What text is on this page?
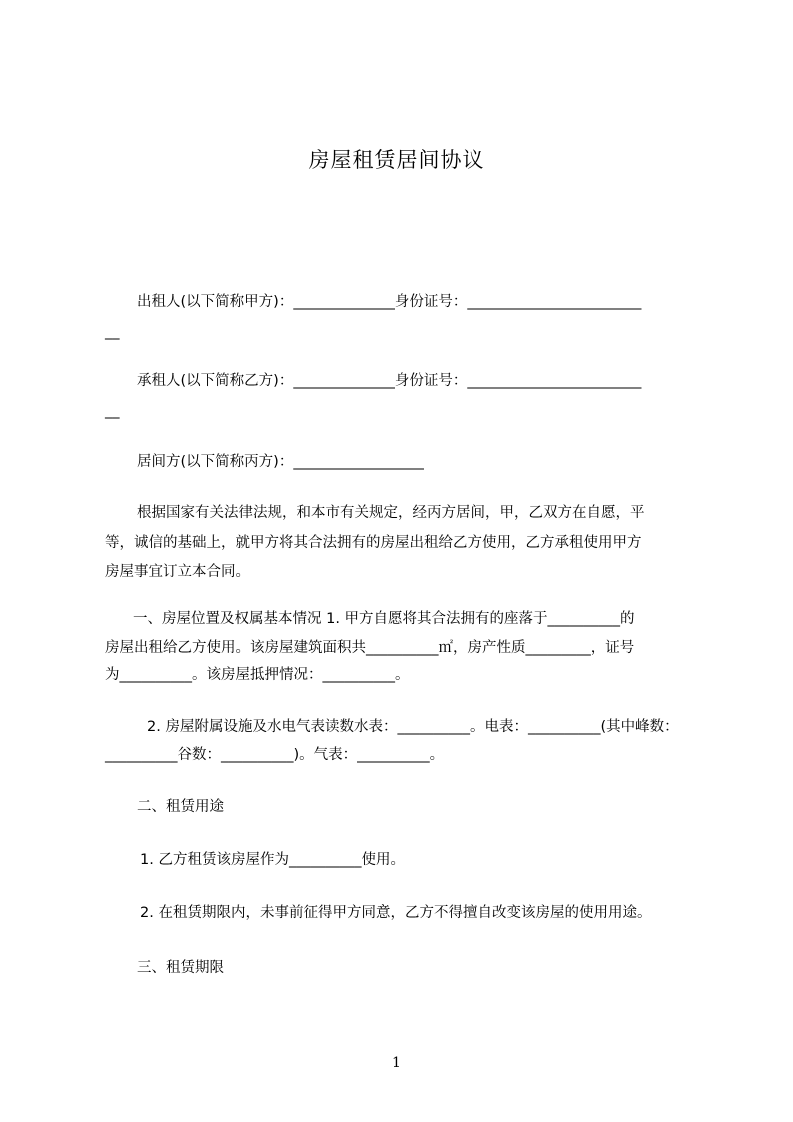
房屋租赁居间协议
出租人(以下简称甲方)：______________身份证号：________________________
__
承租人(以下简称乙方)：______________身份证号：________________________
__
居间方(以下简称丙方)：__________________
根据国家有关法律法规，和本市有关规定，经丙方居间，甲，乙双方在自愿，平
等，诚信的基础上，就甲方将其合法拥有的房屋出租给乙方使用，乙方承租使用甲方
房屋事宜订立本合同。
一、房屋位置及权属基本情况 1. 甲方自愿将其合法拥有的座落于__________的
房屋出租给乙方使用。该房屋建筑面积共__________㎡，房产性质_________，证号
为__________。该房屋抵押情况：__________。
2. 房屋附属设施及水电气表读数水表：__________。电表：__________(其中峰数：
__________谷数：__________)。气表：__________。
二、租赁用途
1. 乙方租赁该房屋作为__________使用。
2. 在租赁期限内，未事前征得甲方同意，乙方不得擅自改变该房屋的使用用途。
三、租赁期限
1
